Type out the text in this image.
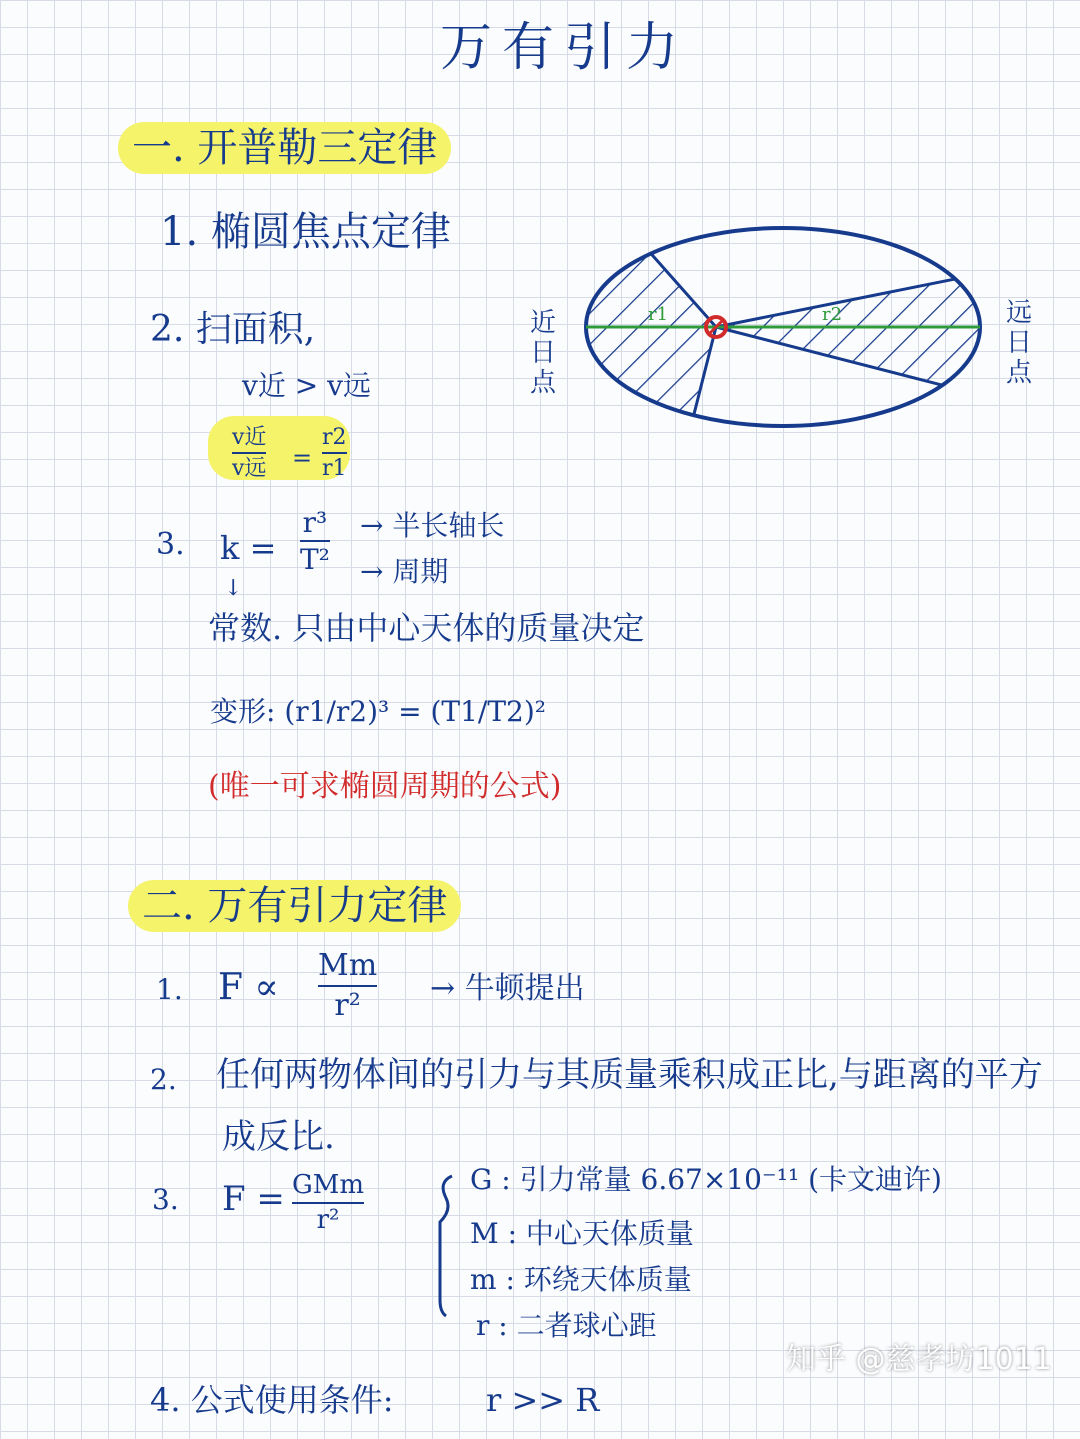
万有引力
一. 开普勒三定律
1. 椭圆焦点定律
2. 扫面积,
v近 > v远
v近
v远 =
r2
r1
3. k =
r³
T²
→ 半长轴长
→ 周期
↓
常数. 只由中心天体的质量决定
变形: (r1/r2)³ = (T1/T2)²
(唯一可求椭圆周期的公式)
r1	r2
近
日
点
远
日
点
二. 万有引力定律
1. F ∝
Mm
r² → 牛顿提出
2. 任何两物体间的引力与其质量乘积成正比,与距离的平方
成反比.
3. F = GMm
r²
G : 引力常量 6.67×10⁻¹¹ (卡文迪许)
M : 中心天体质量
m : 环绕天体质量
r : 二者球心距
4. 公式使用条件:	r >> R
知乎 @慈孝坊1011
